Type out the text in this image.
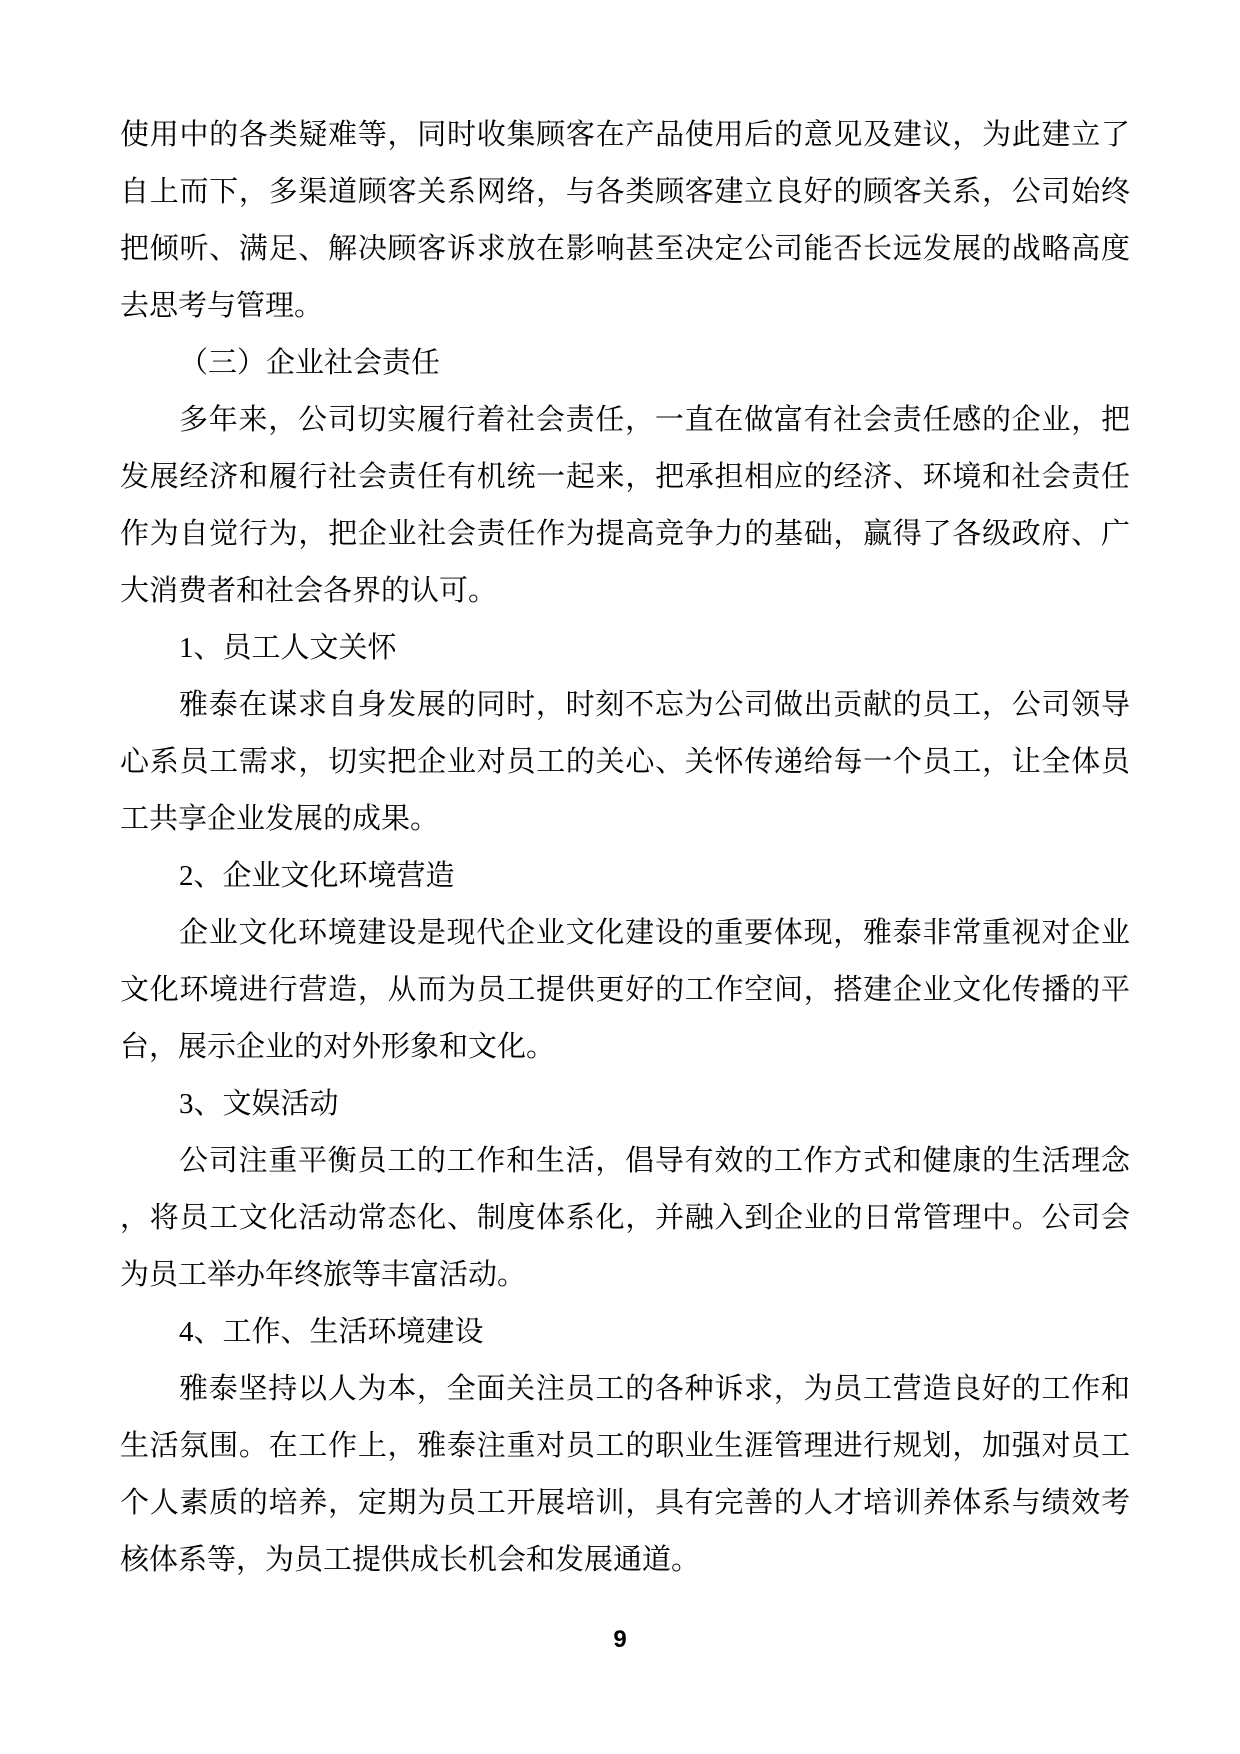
使用中的各类疑难等，同时收集顾客在产品使用后的意见及建议，为此建立了
自上而下，多渠道顾客关系网络，与各类顾客建立良好的顾客关系，公司始终
把倾听、满足、解决顾客诉求放在影响甚至决定公司能否长远发展的战略高度
去思考与管理。
（三）企业社会责任
多年来，公司切实履行着社会责任，一直在做富有社会责任感的企业，把
发展经济和履行社会责任有机统一起来，把承担相应的经济、环境和社会责任
作为自觉行为，把企业社会责任作为提高竞争力的基础，赢得了各级政府、广
大消费者和社会各界的认可。
1、员工人文关怀
雅泰在谋求自身发展的同时，时刻不忘为公司做出贡献的员工，公司领导
心系员工需求，切实把企业对员工的关心、关怀传递给每一个员工，让全体员
工共享企业发展的成果。
2、企业文化环境营造
企业文化环境建设是现代企业文化建设的重要体现，雅泰非常重视对企业
文化环境进行营造，从而为员工提供更好的工作空间，搭建企业文化传播的平
台，展示企业的对外形象和文化。
3、文娱活动
公司注重平衡员工的工作和生活，倡导有效的工作方式和健康的生活理念
，将员工文化活动常态化、制度体系化，并融入到企业的日常管理中。公司会
为员工举办年终旅等丰富活动。
4、工作、生活环境建设
雅泰坚持以人为本，全面关注员工的各种诉求，为员工营造良好的工作和
生活氛围。在工作上，雅泰注重对员工的职业生涯管理进行规划，加强对员工
个人素质的培养，定期为员工开展培训，具有完善的人才培训养体系与绩效考
核体系等，为员工提供成长机会和发展通道。
9
